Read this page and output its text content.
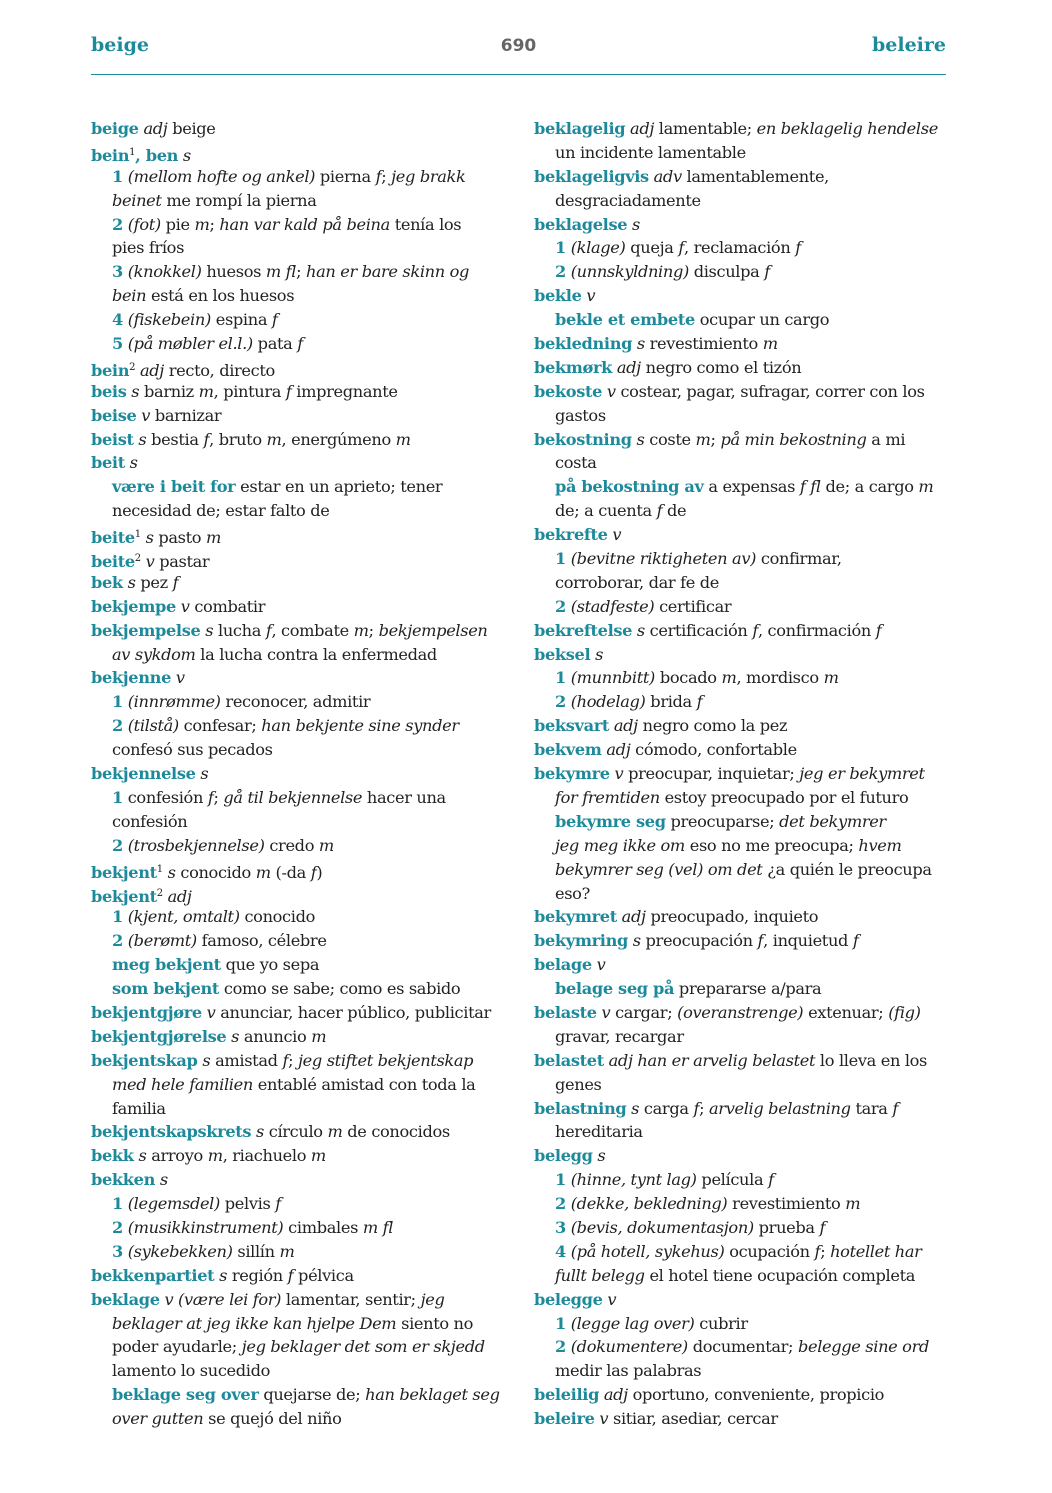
beige	690	beleire
beige adj beige
bein$^1$, ben s
1 (mellom hofte og ankel) pierna f; jeg brakk
beinet me rompí la pierna
2 (fot) pie m; han var kald på beina tenía los
pies fríos
3 (knokkel) huesos m fl; han er bare skinn og
bein está en los huesos
4 (fiskebein) espina f
5 (på møbler el.l.) pata f
bein$^2$ adj recto, directo
beis s barniz m, pintura f impregnante
beise v barnizar
beist s bestia f, bruto m, energúmeno m
beit s
være i beit for estar en un aprieto; tener
necesidad de; estar falto de
beite$^1$ s pasto m
beite$^2$ v pastar
bek s pez f
bekjempe v combatir
bekjempelse s lucha f, combate m; bekjempelsen
av sykdom la lucha contra la enfermedad
bekjenne v
1 (innrømme) reconocer, admitir
2 (tilstå) confesar; han bekjente sine synder
confesó sus pecados
bekjennelse s
1 confesión f; gå til bekjennelse hacer una
confesión
2 (trosbekjennelse) credo m
bekjent$^1$ s conocido m (-da f)
bekjent$^2$ adj
1 (kjent, omtalt) conocido
2 (berømt) famoso, célebre
meg bekjent que yo sepa
som bekjent como se sabe; como es sabido
bekjentgjøre v anunciar, hacer público, publicitar
bekjentgjørelse s anuncio m
bekjentskap s amistad f; jeg stiftet bekjentskap
med hele familien entablé amistad con toda la
familia
bekjentskapskrets s círculo m de conocidos
bekk s arroyo m, riachuelo m
bekken s
1 (legemsdel) pelvis f
2 (musikkinstrument) cimbales m fl
3 (sykebekken) sillín m
bekkenpartiet s región f pélvica
beklage v (være lei for) lamentar, sentir; jeg
beklager at jeg ikke kan hjelpe Dem siento no
poder ayudarle; jeg beklager det som er skjedd
lamento lo sucedido
beklage seg over quejarse de; han beklaget seg
over gutten se quejó del niño
beklagelig adj lamentable; en beklagelig hendelse
un incidente lamentable
beklageligvis adv lamentablemente,
desgraciadamente
beklagelse s
1 (klage) queja f, reclamación f
2 (unnskyldning) disculpa f
bekle v
bekle et embete ocupar un cargo
bekledning s revestimiento m
bekmørk adj negro como el tizón
bekoste v costear, pagar, sufragar, correr con los
gastos
bekostning s coste m; på min bekostning a mi
costa
på bekostning av a expensas f fl de; a cargo m
de; a cuenta f de
bekrefte v
1 (bevitne riktigheten av) confirmar,
corroborar, dar fe de
2 (stadfeste) certificar
bekreftelse s certificación f, confirmación f
beksel s
1 (munnbitt) bocado m, mordisco m
2 (hodelag) brida f
beksvart adj negro como la pez
bekvem adj cómodo, confortable
bekymre v preocupar, inquietar; jeg er bekymret
for fremtiden estoy preocupado por el futuro
bekymre seg preocuparse; det bekymrer
jeg meg ikke om eso no me preocupa; hvem
bekymrer seg (vel) om det ¿a quién le preocupa
eso?
bekymret adj preocupado, inquieto
bekymring s preocupación f, inquietud f
belage v
belage seg på prepararse a/para
belaste v cargar; (overanstrenge) extenuar; (fig)
gravar, recargar
belastet adj han er arvelig belastet lo lleva en los
genes
belastning s carga f; arvelig belastning tara f
hereditaria
belegg s
1 (hinne, tynt lag) película f
2 (dekke, bekledning) revestimiento m
3 (bevis, dokumentasjon) prueba f
4 (på hotell, sykehus) ocupación f; hotellet har
fullt belegg el hotel tiene ocupación completa
belegge v
1 (legge lag over) cubrir
2 (dokumentere) documentar; belegge sine ord
medir las palabras
beleilig adj oportuno, conveniente, propicio
beleire v sitiar, asediar, cercar
